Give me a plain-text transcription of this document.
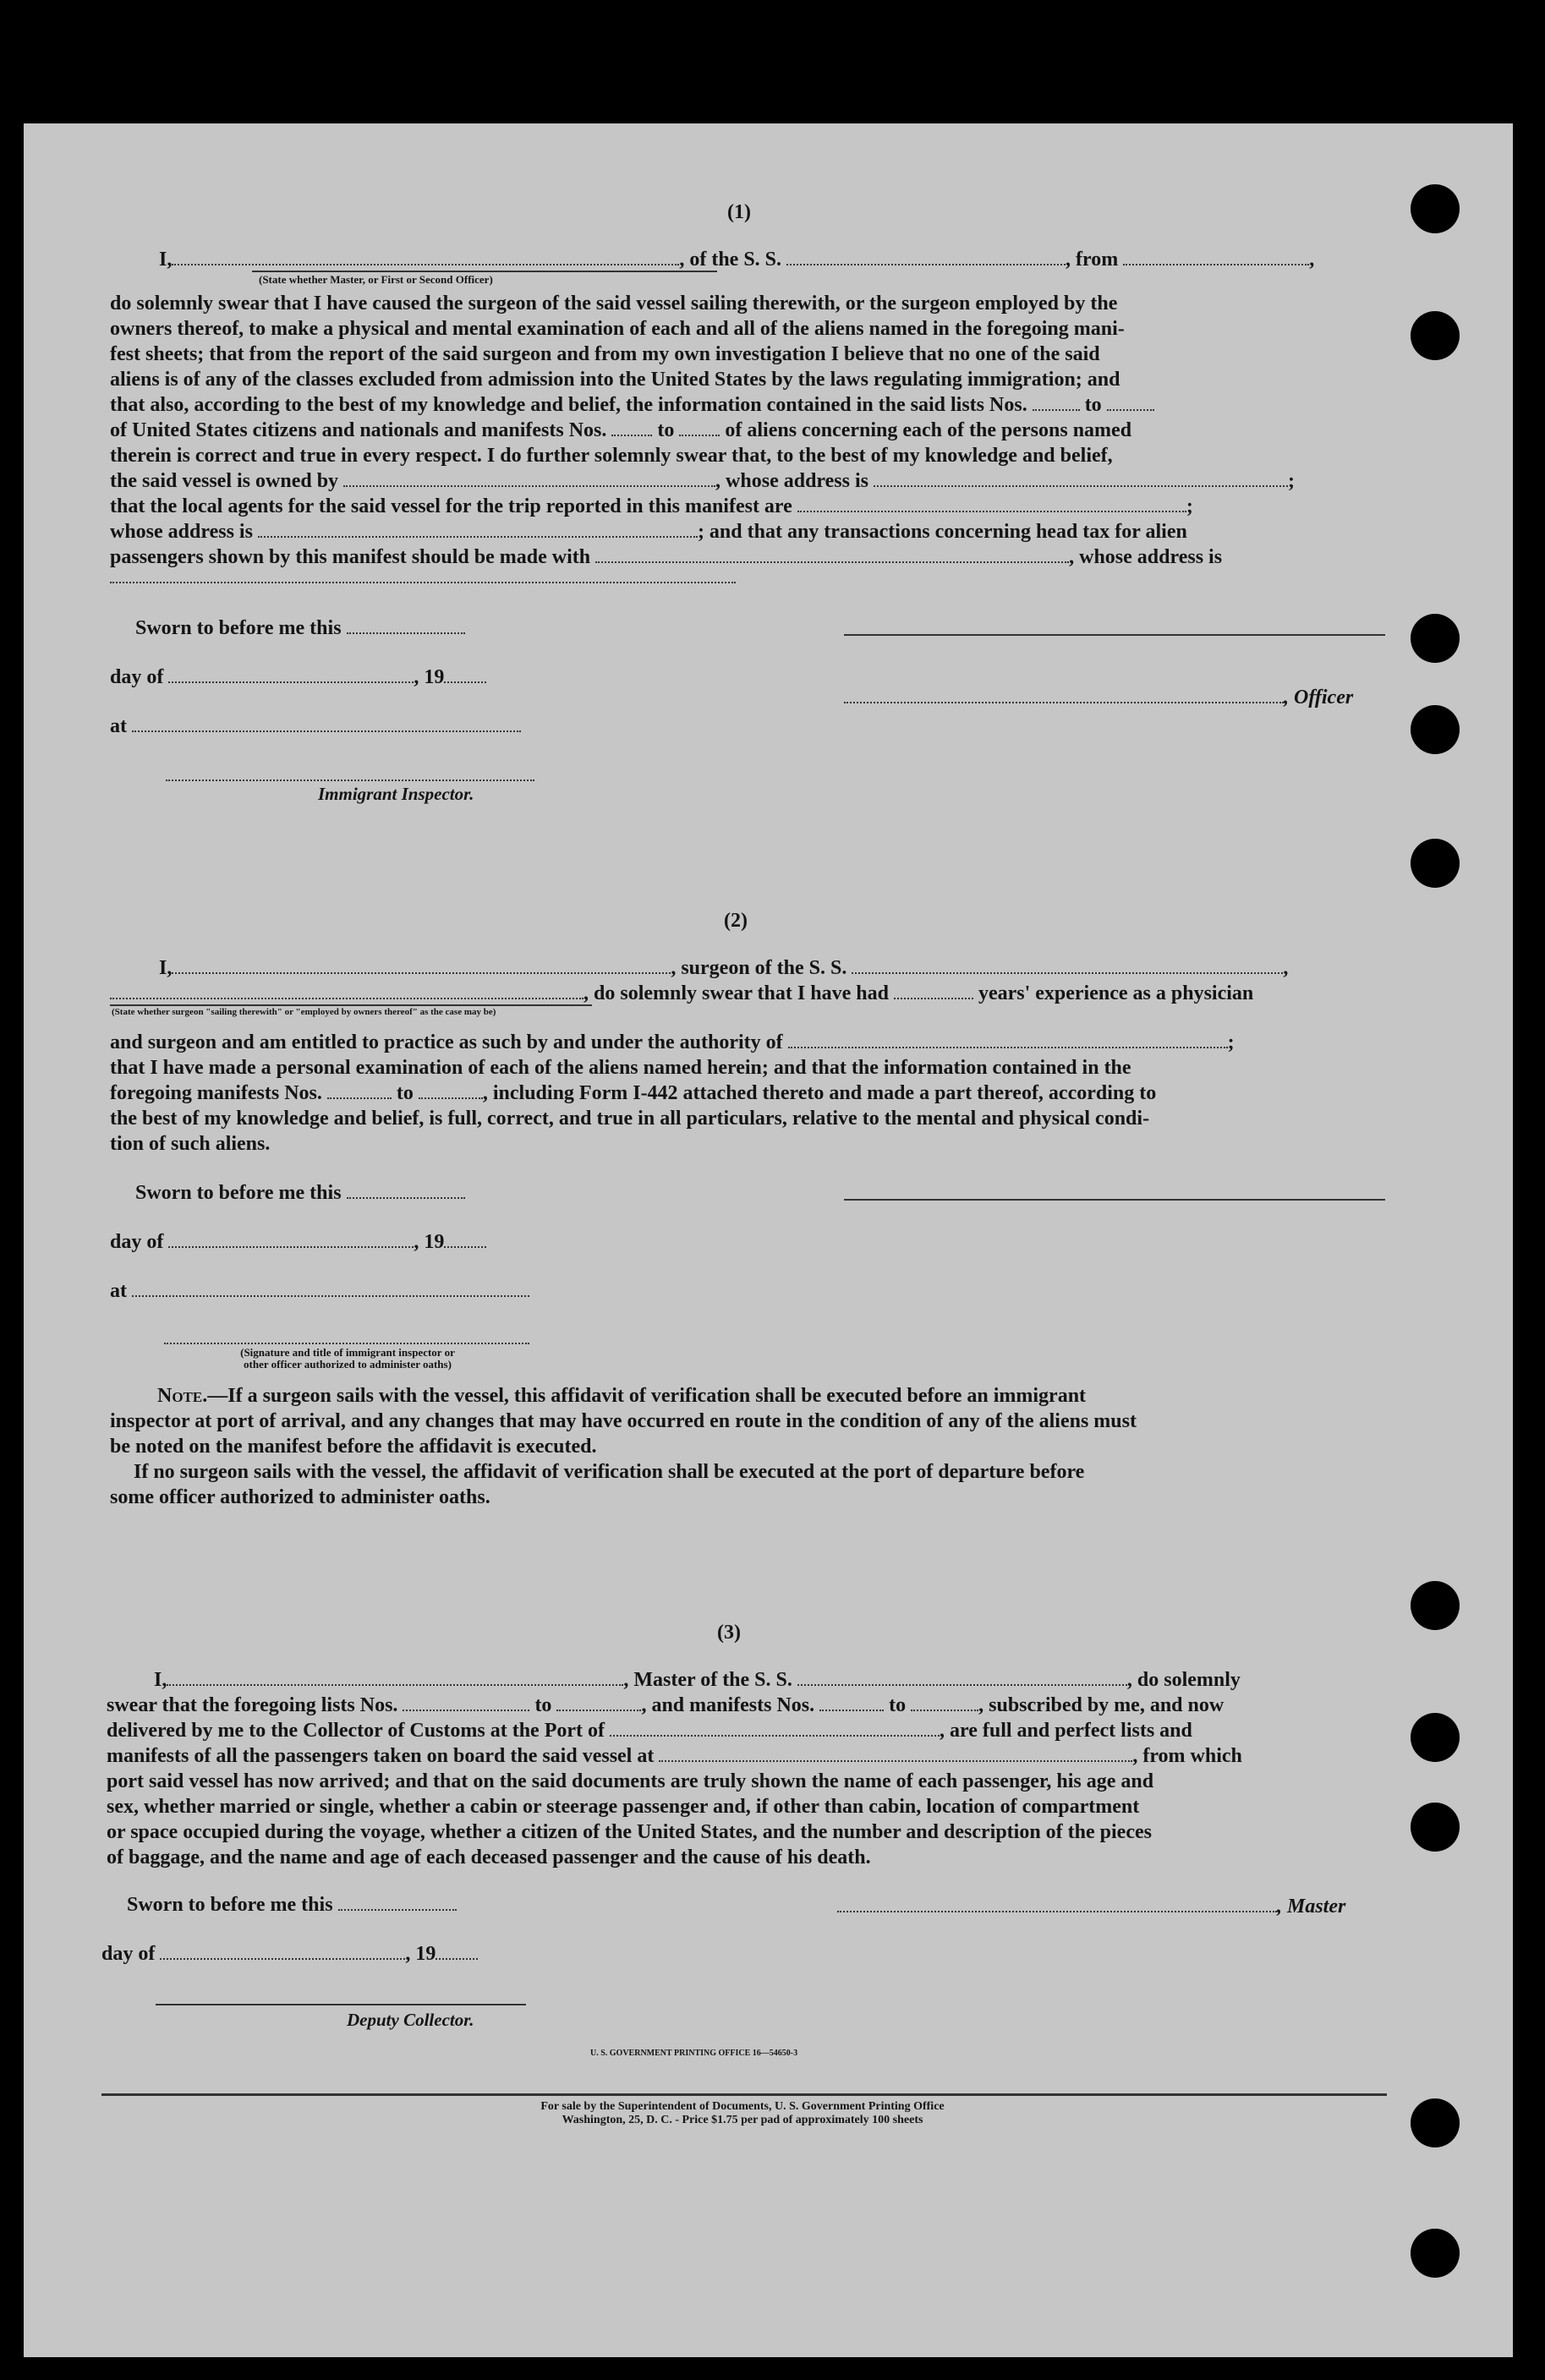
(1)
I,	, of the S. S.	, from	,
(State whether Master, or First or Second Officer)
do solemnly swear that I have caused the surgeon of the said vessel sailing therewith, or the surgeon employed by the
owners thereof, to make a physical and mental examination of each and all of the aliens named in the foregoing mani-
fest sheets; that from the report of the said surgeon and from my own investigation I believe that no one of the said
aliens is of any of the classes excluded from admission into the United States by the laws regulating immigration; and
that also, according to the best of my knowledge and belief, the information contained in the said lists Nos.	to
of United States citizens and nationals and manifests Nos.	to	of aliens concerning each of the persons named
therein is correct and true in every respect. I do further solemnly swear that, to the best of my knowledge and belief,
the said vessel is owned by	, whose address is	;
that the local agents for the said vessel for the trip reported in this manifest are	;
whose address is	; and that any transactions concerning head tax for alien
passengers shown by this manifest should be made with	, whose address is
Sworn to before me this
day of	, 19
at
Immigrant Inspector.
, Officer
(2)
I,	, surgeon of the S. S.	,
, do solemnly swear that I have had	years' experience as a physician
(State whether surgeon "sailing therewith" or "employed by owners thereof" as the case may be)
and surgeon and am entitled to practice as such by and under the authority of	;
that I have made a personal examination of each of the aliens named herein; and that the information contained in the
foregoing manifests Nos.	to	, including Form I-442 attached thereto and made a part thereof, according to
the best of my knowledge and belief, is full, correct, and true in all particulars, relative to the mental and physical condi-
tion of such aliens.
Sworn to before me this
day of	, 19
at
(Signature and title of immigrant inspector or
other officer authorized to administer oaths)
Note.—If a surgeon sails with the vessel, this affidavit of verification shall be executed before an immigrant
inspector at port of arrival, and any changes that may have occurred en route in the condition of any of the aliens must
be noted on the manifest before the affidavit is executed.
If no surgeon sails with the vessel, the affidavit of verification shall be executed at the port of departure before
some officer authorized to administer oaths.
(3)
I,	, Master of the S. S.	, do solemnly
swear that the foregoing lists Nos.	to	, and manifests Nos.	to	, subscribed by me, and now
delivered by me to the Collector of Customs at the Port of	, are full and perfect lists and
manifests of all the passengers taken on board the said vessel at	, from which
port said vessel has now arrived; and that on the said documents are truly shown the name of each passenger, his age and
sex, whether married or single, whether a cabin or steerage passenger and, if other than cabin, location of compartment
or space occupied during the voyage, whether a citizen of the United States, and the number and description of the pieces
of baggage, and the name and age of each deceased passenger and the cause of his death.
Sworn to before me this
day of	, 19
, Master
Deputy Collector.
U. S. GOVERNMENT PRINTING OFFICE 16—54650-3
For sale by the Superintendent of Documents, U. S. Government Printing Office
Washington, 25, D. C. - Price $1.75 per pad of approximately 100 sheets
